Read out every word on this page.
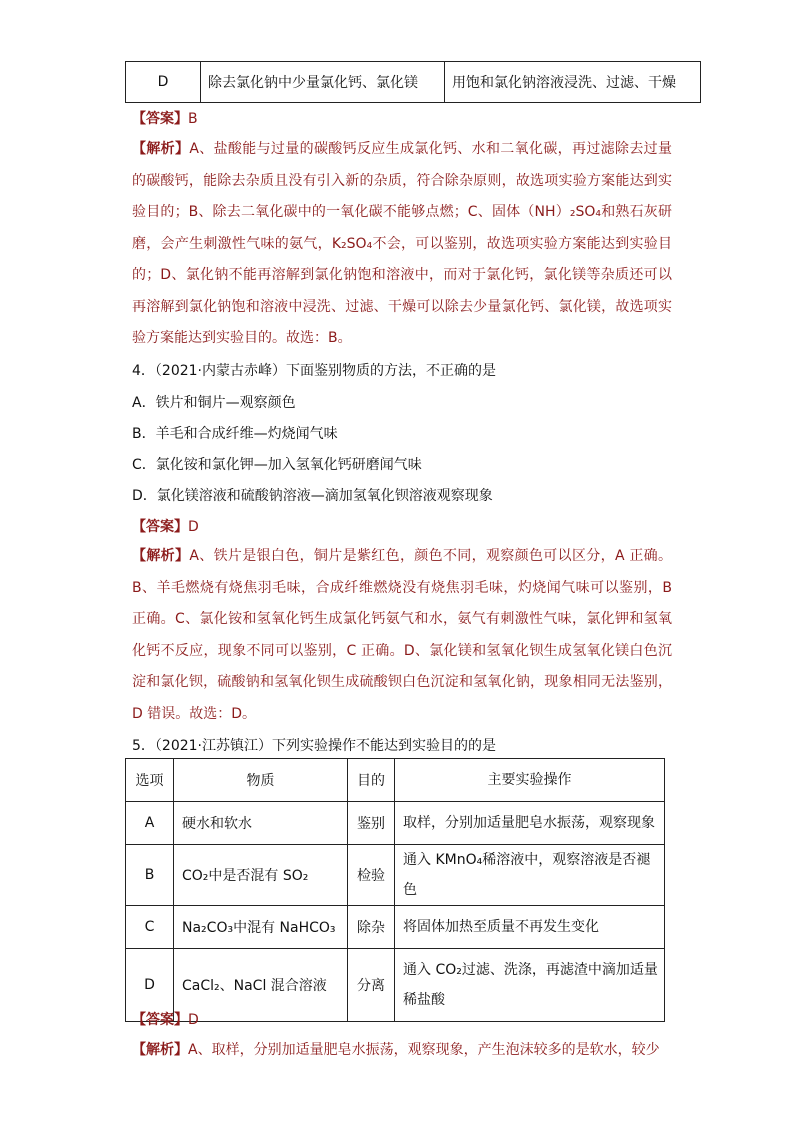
D	除去氯化钠中少量氯化钙、氯化镁	用饱和氯化钠溶液浸洗、过滤、干燥
【答案】B

【解析】A、盐酸能与过量的碳酸钙反应生成氯化钙、水和二氧化碳，再过滤除去过量的碳酸钙，能除去杂质且没有引入新的杂质，符合除杂原则，故选项实验方案能达到实验目的；B、除去二氧化碳中的一氧化碳不能够点燃；C、固体（NH）₂SO₄和熟石灰研磨，会产生刺激性气味的氨气，K₂SO₄不会，可以鉴别，故选项实验方案能达到实验目的；D、氯化钠不能再溶解到氯化钠饱和溶液中，而对于氯化钙，氯化镁等杂质还可以再溶解到氯化钠饱和溶液中浸洗、过滤、干燥可以除去少量氯化钙、氯化镁，故选项实验方案能达到实验目的。故选：B。

4．（2021·内蒙古赤峰）下面鉴别物质的方法，不正确的是
A．铁片和铜片—观察颜色
B．羊毛和合成纤维—灼烧闻气味
C．氯化铵和氯化钾—加入氢氧化钙研磨闻气味
D．氯化镁溶液和硫酸钠溶液—滴加氢氧化钡溶液观察现象
【答案】D

【解析】A、铁片是银白色，铜片是紫红色，颜色不同，观察颜色可以区分，A 正确。B、羊毛燃烧有烧焦羽毛味，合成纤维燃烧没有烧焦羽毛味，灼烧闻气味可以鉴别，B 正确。C、氯化铵和氢氧化钙生成氯化钙氨气和水，氨气有刺激性气味，氯化钾和氢氧化钙不反应，现象不同可以鉴别，C 正确。D、氯化镁和氢氧化钡生成氢氧化镁白色沉淀和氯化钡，硫酸钠和氢氧化钡生成硫酸钡白色沉淀和氢氧化钠，现象相同无法鉴别，D 错误。故选：D。

5．（2021·江苏镇江）下列实验操作不能达到实验目的的是
选项	物质	目的	主要实验操作
A	硬水和软水	鉴别	取样，分别加适量肥皂水振荡，观察现象
B	CO₂中是否混有 SO₂	检验	通入 KMnO₄稀溶液中，观察溶液是否褪色
C	Na₂CO₃中混有 NaHCO₃	除杂	将固体加热至质量不再发生变化
D	CaCl₂、NaCl 混合溶液	分离	通入 CO₂过滤、洗涤，再滤渣中滴加适量稀盐酸
【答案】D

【解析】A、取样，分别加适量肥皂水振荡，观察现象，产生泡沫较多的是软水，较少
